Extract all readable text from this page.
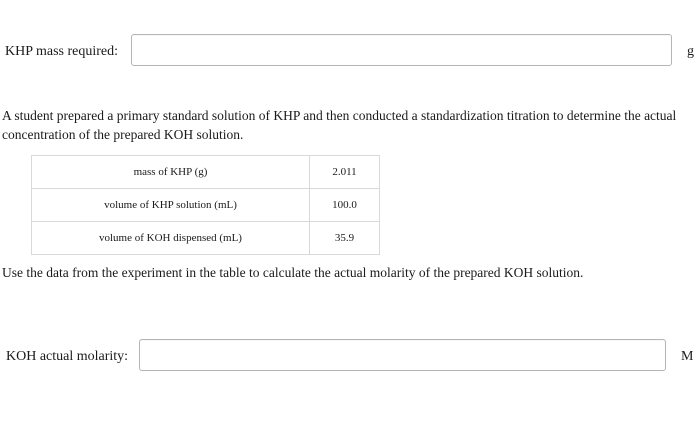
KHP mass required:	g
A student prepared a primary standard solution of KHP and then conducted a standardization titration to determine the actual concentration of the prepared KOH solution.
mass of KHP (g)	2.011
volume of KHP solution (mL)	100.0
volume of KOH dispensed (mL)	35.9
Use the data from the experiment in the table to calculate the actual molarity of the prepared KOH solution.
KOH actual molarity:	M
